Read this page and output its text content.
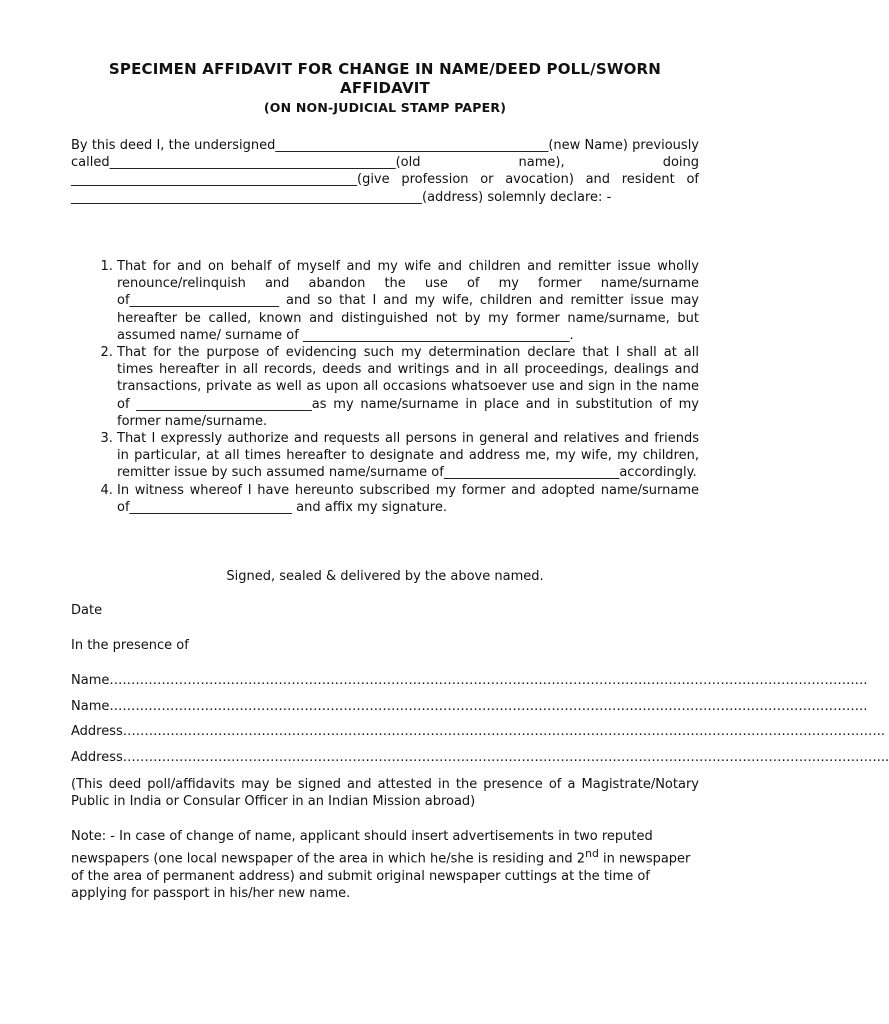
SPECIMEN AFFIDAVIT FOR CHANGE IN NAME/DEED POLL/SWORN
AFFIDAVIT
(ON NON-JUDICIAL STAMP PAPER)
By this deed I, the undersigned__________________________________________(new Name) previously called____________________________________________(old name), doing ____________________________________________(give profession or avocation) and resident of ______________________________________________________(address) solemnly declare: -
1. That for and on behalf of myself and my wife and children and remitter issue wholly renounce/relinquish and abandon the use of my former name/surname of_______________________ and so that I and my wife, children and remitter issue may hereafter be called, known and distinguished not by my former name/surname, but assumed name/ surname of _________________________________________.
2. That for the purpose of evidencing such my determination declare that I shall at all times hereafter in all records, deeds and writings and in all proceedings, dealings and transactions, private as well as upon all occasions whatsoever use and sign in the name of ___________________________as my name/surname in place and in substitution of my former name/surname.
3. That I expressly authorize and requests all persons in general and relatives and friends in particular, at all times hereafter to designate and address me, my wife, my children, remitter issue by such assumed name/surname of___________________________accordingly.
4. In witness whereof I have hereunto subscribed my former and adopted name/surname of_________________________ and affix my signature.
Signed, sealed & delivered by the above named.
Date
In the presence of
Name………………………………………………………………………………………………………………………………………………………….
Name………………………………………………………………………………………………………………………………………………………….
Address…………………………………………………………………………………………………………………………………………………………..
Address…………………………………………………………………………………………………………………………………………………………...
(This deed poll/affidavits may be signed and attested in the presence of a Magistrate/Notary Public in India or Consular Officer in an Indian Mission abroad)
Note: - In case of change of name, applicant should insert advertisements in two reputed newspapers (one local newspaper of the area in which he/she is residing and 2nd in newspaper of the area of permanent address) and submit original newspaper cuttings at the time of applying for passport in his/her new name.
